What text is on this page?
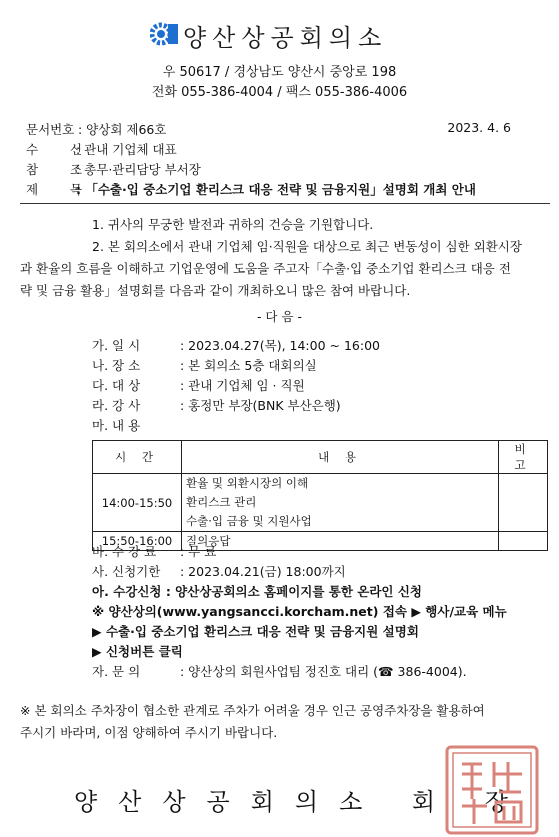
양산상공회의소
우 50617 / 경상남도 양산시 중앙로 198
전화 055-386-4004 / 팩스 055-386-4006
문서번호 : 양상회 제66호	2023. 4. 6
수 신: 관내 기업체 대표
참 조: 총무·관리담당 부서장
제 목: 「수출·입 중소기업 환리스크 대응 전략 및 금융지원」설명회 개최 안내
1. 귀사의 무궁한 발전과 귀하의 건승을 기원합니다.
2. 본 회의소에서 관내 기업체 임·직원을 대상으로 최근 변동성이 심한 외환시장
과 환율의 흐름을 이해하고 기업운영에 도움을 주고자「수출·입 중소기업 환리스크 대응 전
략 및 금융 활용」설명회를 다음과 같이 개최하오니 많은 참여 바랍니다.
- 다 음 -
가. 일 시	: 2023.04.27(목), 14:00 ~ 16:00
나. 장 소	: 본 회의소 5층 대회의실
다. 대 상	: 관내 기업체 임 · 직원
라. 강 사	: 홍정만 부장(BNK 부산은행)
마. 내 용
시 간	내 용	비 고
14:00-15:50	환율 및 외환시장의 이해
환리스크 관리
수출·입 금융 및 지원사업	

15:50-16:00	질의응답	
바. 수 강 료 : 무 료
사. 신청기한 : 2023.04.21(금) 18:00까지
아. 수강신청 : 양산상공회의소 홈페이지를 통한 온라인 신청
※ 양산상의(www.yangsancci.korcham.net) 접속 ▶ 행사/교육 메뉴
▶ 수출·입 중소기업 환리스크 대응 전략 및 금융지원 설명회
▶ 신청버튼 클릭
자. 문 의	: 양산상의 회원사업팀 정진호 대리 (☎ 386-4004).
※ 본 회의소 주차장이 협소한 관계로 주차가 어려울 경우 인근 공영주차장을 활용하여
주시기 바라며, 이점 양해하여 주시기 바랍니다.
양산상공회의소 회 장
